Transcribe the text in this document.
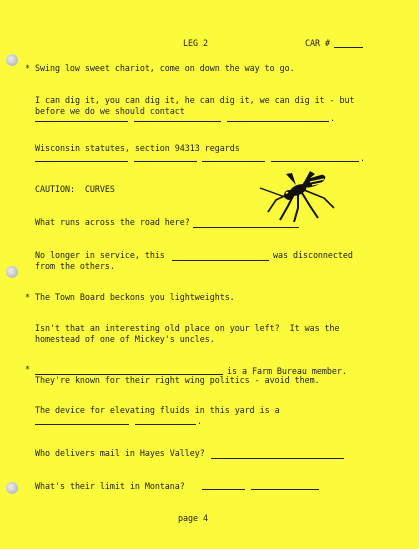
LEG 2	CAR #
* Swing low sweet chariot, come on down the way to go.
I can dig it, you can dig it, he can dig it, we can dig it - but
before we do we should contact
.
Wisconsin statutes, section 94313 regards
.
CAUTION:  CURVES
What runs across the road here?
No longer in service, this	was disconnected
from the others.
* The Town Board beckons you lightweights.
Isn't that an interesting old place on your left?  It was the
homestead of one of Mickey's uncles.
*	is a Farm Bureau member.
They're known for their right wing politics - avoid them.
The device for elevating fluids in this yard is a
.
Who delivers mail in Hayes Valley?
What's their limit in Montana?
page 4
